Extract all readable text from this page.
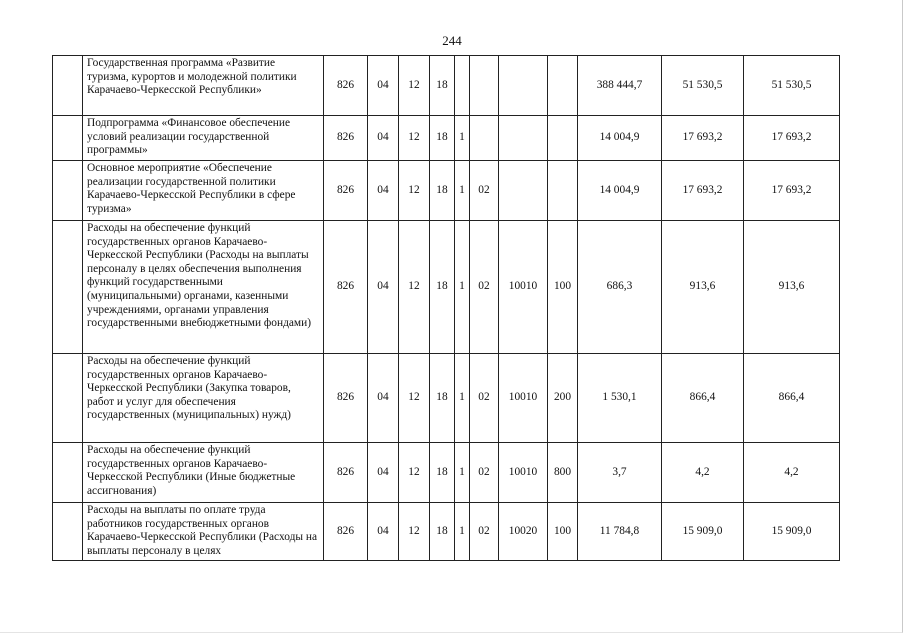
244
	Государственная программа «Развитие туризма, курортов и молодежной политики Карачаево-Черкесской Республики»	826	04	12	18					388 444,7	51 530,5	51 530,5
	Подпрограмма «Финансовое обеспечение условий реализации государственной программы»	826	04	12	18	1				14 004,9	17 693,2	17 693,2
	Основное мероприятие «Обеспечение реализации государственной политики Карачаево-Черкесской Республики в сфере туризма»	826	04	12	18	1	02			14 004,9	17 693,2	17 693,2
	Расходы на обеспечение функций государственных органов Карачаево-Черкесской Республики (Расходы на выплаты персоналу в целях обеспечения выполнения функций государственными (муниципальными) органами, казенными учреждениями, органами управления государственными внебюджетными фондами)	826	04	12	18	1	02	10010	100	686,3	913,6	913,6
	Расходы на обеспечение функций государственных органов Карачаево-Черкесской Республики (Закупка товаров, работ и услуг для обеспечения государственных (муниципальных) нужд)	826	04	12	18	1	02	10010	200	1 530,1	866,4	866,4
	Расходы на обеспечение функций государственных органов Карачаево-Черкесской Республики (Иные бюджетные ассигнования)	826	04	12	18	1	02	10010	800	3,7	4,2	4,2
	Расходы на выплаты по оплате труда работников государственных органов Карачаево-Черкесской Республики (Расходы на выплаты персоналу в целях	826	04	12	18	1	02	10020	100	11 784,8	15 909,0	15 909,0
